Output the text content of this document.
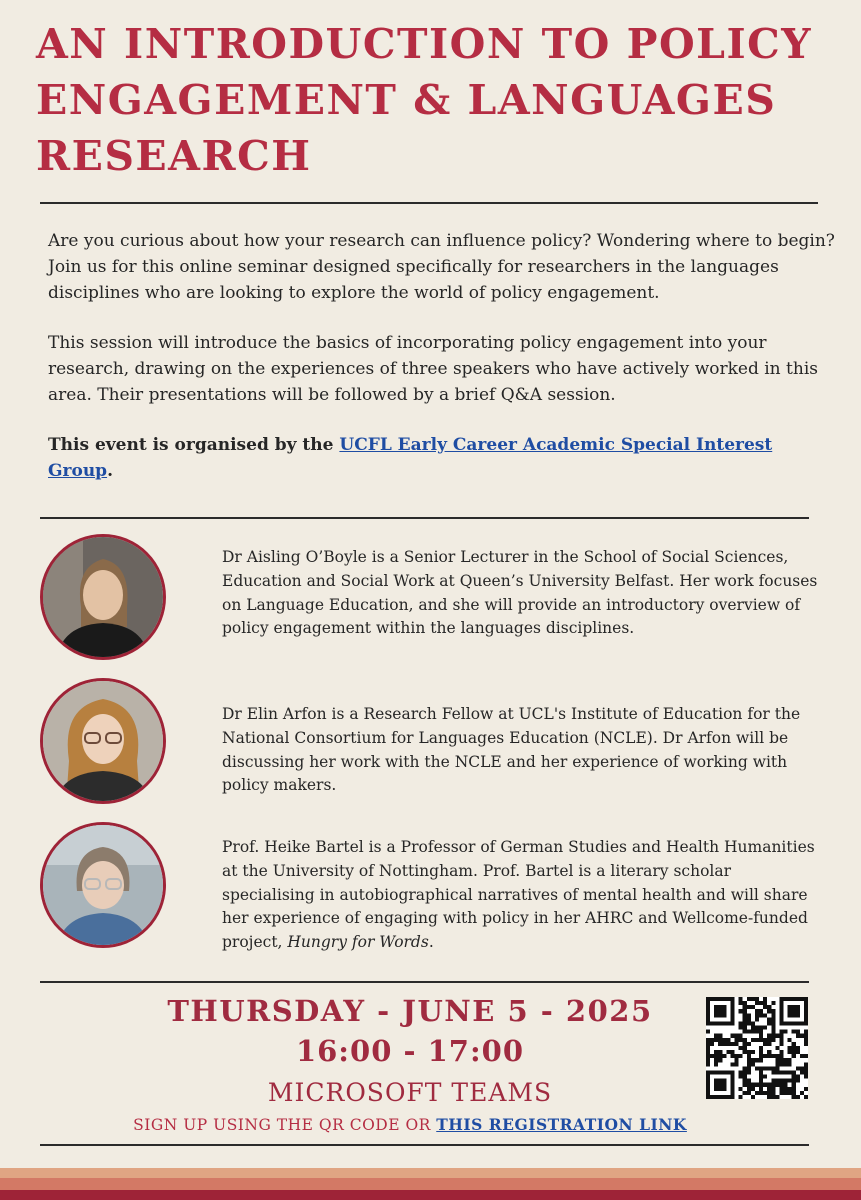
AN INTRODUCTION TO POLICY
ENGAGEMENT & LANGUAGES
RESEARCH

Are you curious about how your research can influence policy? Wondering where to begin? Join us for this online seminar designed specifically for researchers in the languages disciplines who are looking to explore the world of policy engagement.

This session will introduce the basics of incorporating policy engagement into your research, drawing on the experiences of three speakers who have actively worked in this area. Their presentations will be followed by a brief Q&A session.

This event is organised by the UCFL Early Career Academic Special Interest Group.

Dr Aisling O’Boyle is a Senior Lecturer in the School of Social Sciences, Education and Social Work at Queen’s University Belfast. Her work focuses on Language Education, and she will provide an introductory overview of policy engagement within the languages disciplines.
Dr Elin Arfon is a Research Fellow at UCL's Institute of Education for the National Consortium for Languages Education (NCLE). Dr Arfon will be discussing her work with the NCLE and her experience of working with policy makers.
Prof. Heike Bartel is a Professor of German Studies and Health Humanities at the University of Nottingham. Prof. Bartel is a literary scholar specialising in autobiographical narratives of mental health and will share her experience of engaging with policy in her AHRC and Wellcome-funded project, Hungry for Words.
THURSDAY - JUNE 5 - 2025
16:00 - 17:00
MICROSOFT TEAMS
SIGN UP USING THE QR CODE OR THIS REGISTRATION LINK
